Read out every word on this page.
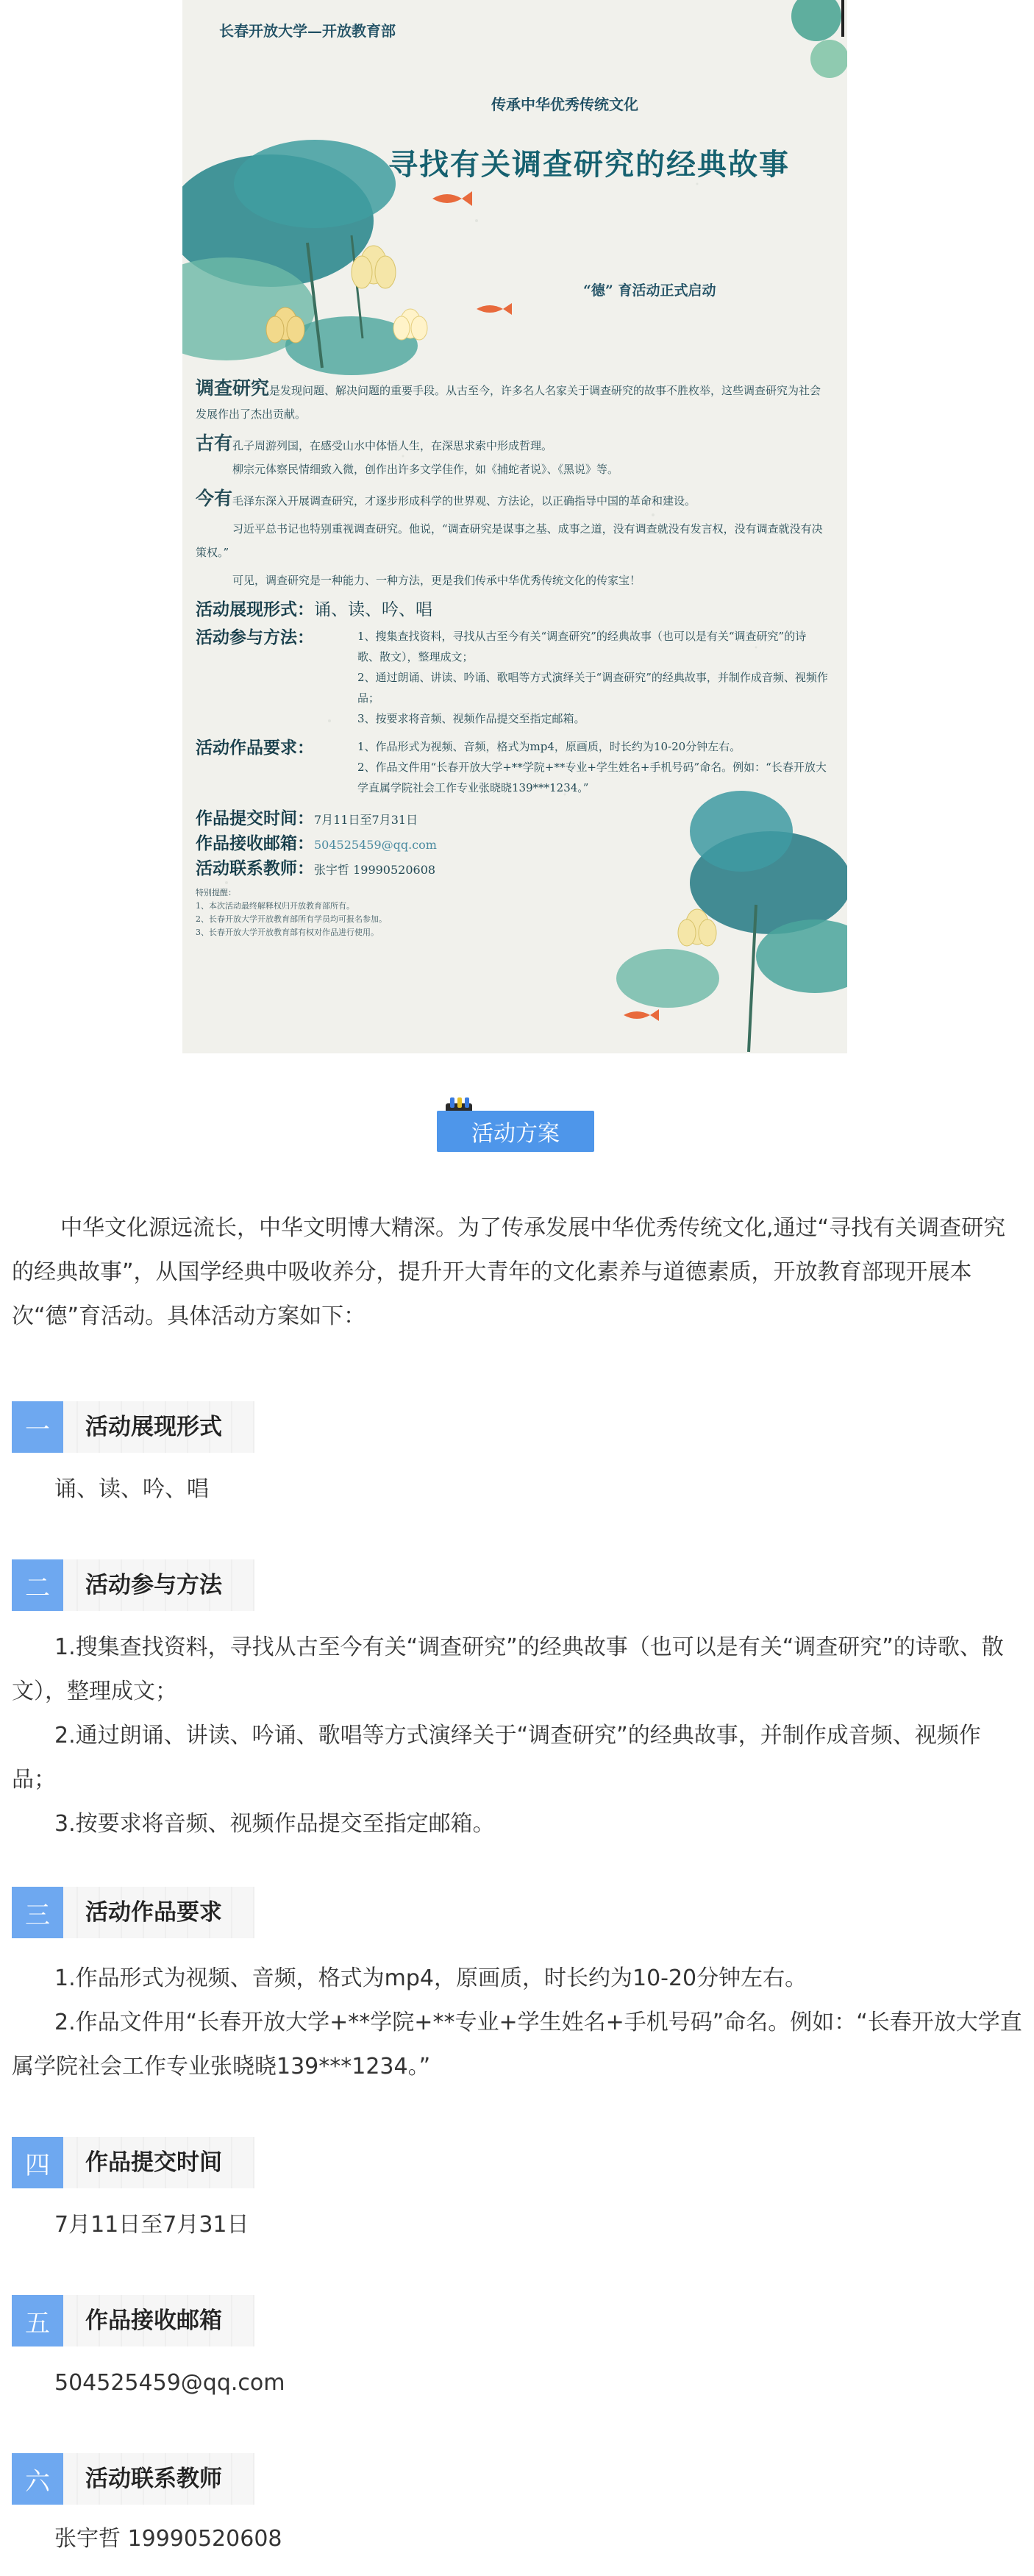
长春开放大学—开放教育部
传承中华优秀传统文化
寻找有关调查研究的经典故事
“德” 育活动正式启动
调查研究是发现问题、解决问题的重要手段。从古至今，许多名人名家关于调查研究的故事不胜枚举，这些调查研究为社会发展作出了杰出贡献。
古有孔子周游列国，在感受山水中体悟人生，在深思求索中形成哲理。
柳宗元体察民情细致入微，创作出许多文学佳作，如《捕蛇者说》、《黑说》等。
今有毛泽东深入开展调查研究，才逐步形成科学的世界观、方法论，以正确指导中国的革命和建设。
习近平总书记也特别重视调查研究。他说，“调查研究是谋事之基、成事之道，没有调查就没有发言权，没有调查就没有决策权。”
可见，调查研究是一种能力、一种方法，更是我们传承中华优秀传统文化的传家宝！
活动展现形式：诵、读、吟、唱
活动参与方法：	1、搜集查找资料，寻找从古至今有关“调查研究”的经典故事（也可以是有关“调查研究”的诗歌、散文），整理成文；
2、通过朗诵、讲读、吟诵、歌唱等方式演绎关于“调查研究”的经典故事，并制作成音频、视频作品；
3、按要求将音频、视频作品提交至指定邮箱。
活动作品要求：	1、作品形式为视频、音频，格式为mp4，原画质，时长约为10-20分钟左右。
2、作品文件用“长春开放大学+**学院+**专业+学生姓名+手机号码”命名。例如：“长春开放大学直属学院社会工作专业张晓晓139***1234。”
作品提交时间：7月11日至7月31日
作品接收邮箱：504525459@qq.com
活动联系教师：张宇哲 19990520608
特别提醒：
1、本次活动最终解释权归开放教育部所有。
2、长春开放大学开放教育部所有学员均可报名参加。
3、长春开放大学开放教育部有权对作品进行使用。
活动方案

中华文化源远流长，中华文明博大精深。为了传承发展中华优秀传统文化,通过“寻找有关调查研究的经典故事”，从国学经典中吸收养分，提升开大青年的文化素养与道德素质，开放教育部现开展本次“德”育活动。具体活动方案如下：

一	活动展现形式

诵、读、吟、唱

二	活动参与方法

1.搜集查找资料，寻找从古至今有关“调查研究”的经典故事（也可以是有关“调查研究”的诗歌、散文），整理成文；

2.通过朗诵、讲读、吟诵、歌唱等方式演绎关于“调查研究”的经典故事，并制作成音频、视频作品；

3.按要求将音频、视频作品提交至指定邮箱。

三	活动作品要求

1.作品形式为视频、音频，格式为mp4，原画质，时长约为10-20分钟左右。

2.作品文件用“长春开放大学+**学院+**专业+学生姓名+手机号码”命名。例如：“长春开放大学直属学院社会工作专业张晓晓139***1234。”

四	作品提交时间

7月11日至7月31日

五	作品接收邮箱

504525459@qq.com

六	活动联系教师

张宇哲 19990520608
